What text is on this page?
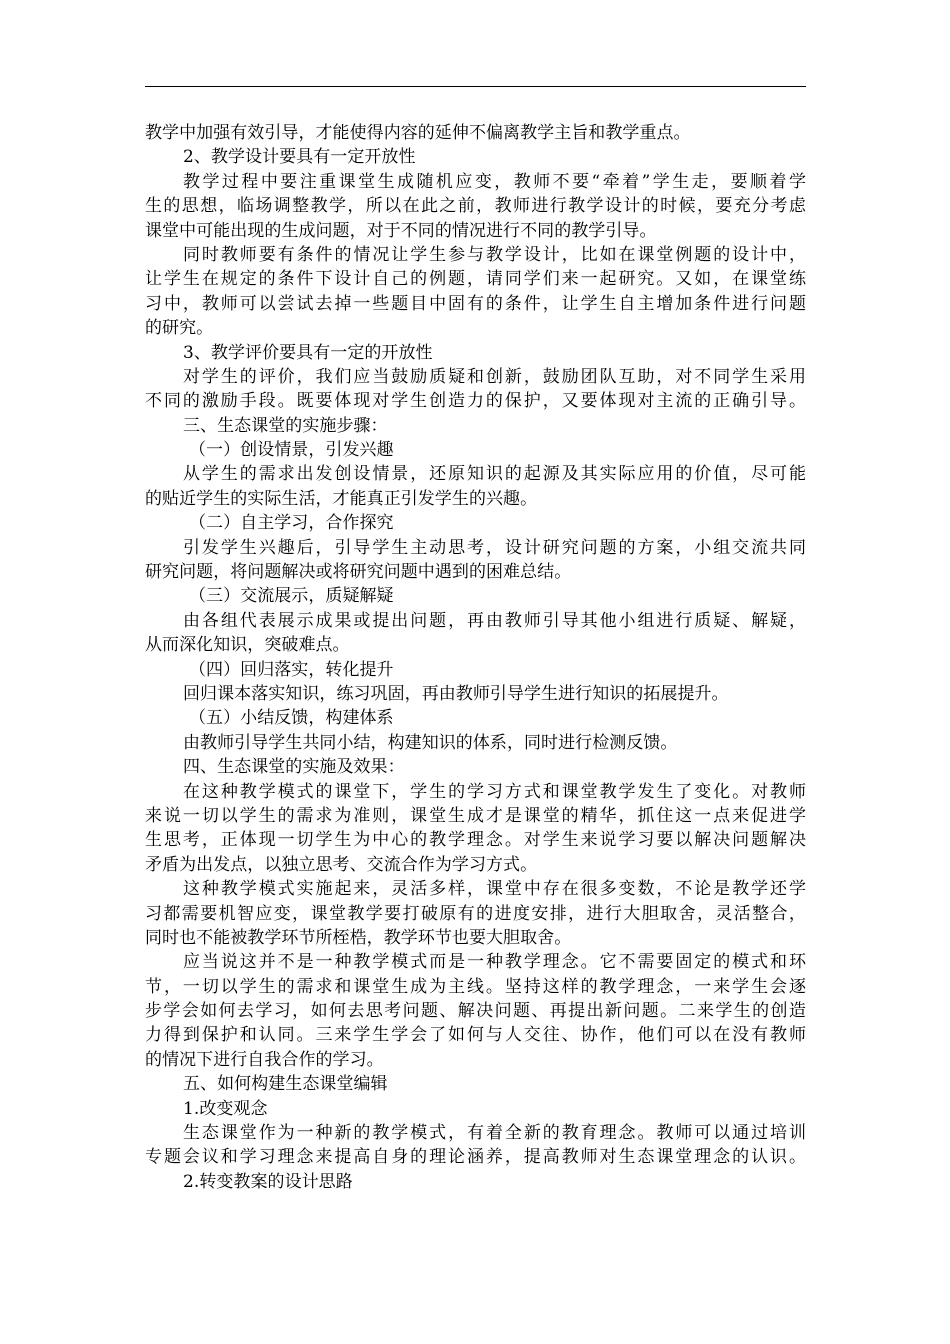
教学中加强有效引导，才能使得内容的延伸不偏离教学主旨和教学重点。
2、教学设计要具有一定开放性
教学过程中要注重课堂生成随机应变，教师不要“牵着”学生走，要顺着学
生的思想，临场调整教学，所以在此之前，教师进行教学设计的时候，要充分考虑
课堂中可能出现的生成问题，对于不同的情况进行不同的教学引导。
同时教师要有条件的情况让学生参与教学设计，比如在课堂例题的设计中，
让学生在规定的条件下设计自己的例题，请同学们来一起研究。又如，在课堂练
习中，教师可以尝试去掉一些题目中固有的条件，让学生自主增加条件进行问题
的研究。
3、教学评价要具有一定的开放性
对学生的评价，我们应当鼓励质疑和创新，鼓励团队互助，对不同学生采用
不同的激励手段。既要体现对学生创造力的保护，又要体现对主流的正确引导。
三、生态课堂的实施步骤：
（一）创设情景，引发兴趣
从学生的需求出发创设情景，还原知识的起源及其实际应用的价值，尽可能
的贴近学生的实际生活，才能真正引发学生的兴趣。
（二）自主学习，合作探究
引发学生兴趣后，引导学生主动思考，设计研究问题的方案，小组交流共同
研究问题，将问题解决或将研究问题中遇到的困难总结。
（三）交流展示，质疑解疑
由各组代表展示成果或提出问题，再由教师引导其他小组进行质疑、解疑，
从而深化知识，突破难点。
（四）回归落实，转化提升
回归课本落实知识，练习巩固，再由教师引导学生进行知识的拓展提升。
（五）小结反馈，构建体系
由教师引导学生共同小结，构建知识的体系，同时进行检测反馈。
四、生态课堂的实施及效果：
在这种教学模式的课堂下，学生的学习方式和课堂教学发生了变化。对教师
来说一切以学生的需求为准则，课堂生成才是课堂的精华，抓住这一点来促进学
生思考，正体现一切学生为中心的教学理念。对学生来说学习要以解决问题解决
矛盾为出发点，以独立思考、交流合作为学习方式。
这种教学模式实施起来，灵活多样，课堂中存在很多变数，不论是教学还学
习都需要机智应变，课堂教学要打破原有的进度安排，进行大胆取舍，灵活整合，
同时也不能被教学环节所桎梏，教学环节也要大胆取舍。
应当说这并不是一种教学模式而是一种教学理念。它不需要固定的模式和环
节，一切以学生的需求和课堂生成为主线。坚持这样的教学理念，一来学生会逐
步学会如何去学习，如何去思考问题、解决问题、再提出新问题。二来学生的创造
力得到保护和认同。三来学生学会了如何与人交往、协作，他们可以在没有教师
的情况下进行自我合作的学习。
五、如何构建生态课堂编辑
1.改变观念
生态课堂作为一种新的教学模式，有着全新的教育理念。教师可以通过培训
专题会议和学习理念来提高自身的理论涵养，提高教师对生态课堂理念的认识。
2.转变教案的设计思路
